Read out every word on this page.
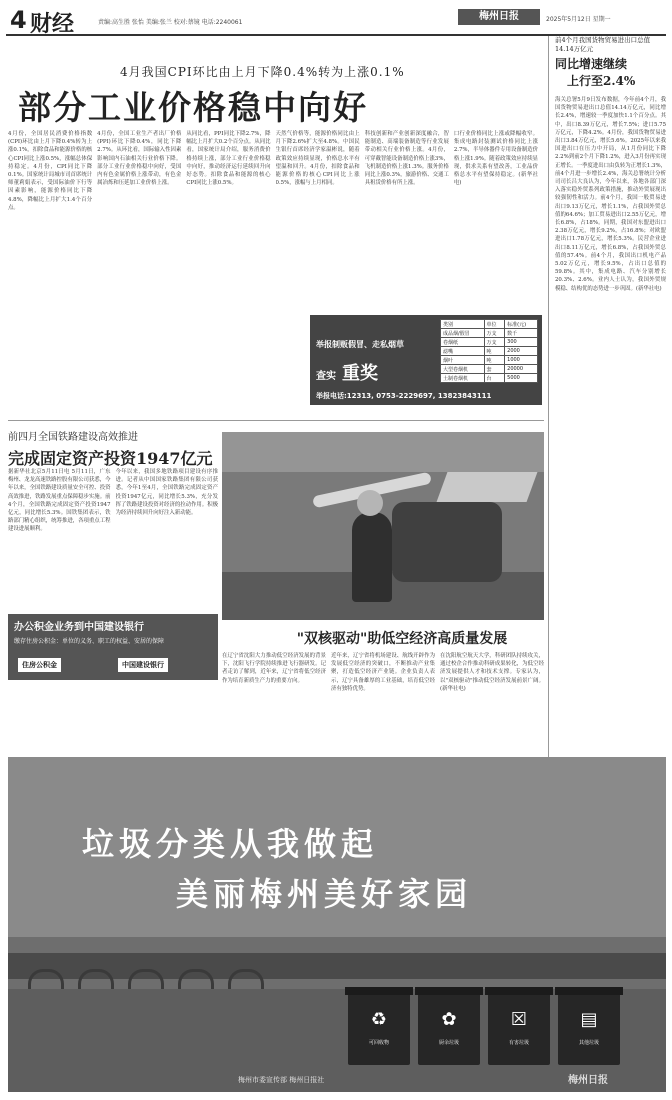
4 财经	责编:高生胜 张怡 美编:张兰 校对:蔡镜 电话:2240061
梅州日报	2025年5月12日 星期一
4月我国CPI环比由上月下降0.4%转为上涨0.1%
部分工业价格稳中向好
4月份，全国居民消费价格指数(CPI)环比由上月下降0.4%转为上涨0.1%，扣除食品和能源价格的核心CPI同比上涨0.5%，涨幅总体保持稳定。4月份，CPI同比下降0.1%。国家统计局城市司首席统计师董莉娟表示，受国际油价下行等因素影响，能源价格同比下降4.8%，降幅比上月扩大1.4个百分点。
4月份，全国工业生产者出厂价格(PPI)环比下降0.4%，同比下降2.7%。从环比看，国际输入性因素影响国内石油相关行业价格下降。部分工业行业价格稳中向好，受国内有色金属价格上涨带动，有色金属冶炼和压延加工业价格上涨。
从同比看，PPI同比下降2.7%，降幅比上月扩大0.2个百分点。从同比看，国家统计局介绍，服务消费价格持续上涨，部分工业行业价格稳中向好，推动经济运行延续回升向好态势。扣除食品和能源的核心CPI同比上涨0.5%。
天然气价格等，能源价格同比由上月下降2.6%扩大至4.8%。中国民生银行首席经济学家温彬说，随着政策效应持续显现，价格总水平有望温和回升。4月份，扣除食品和能源价格的核心CPI同比上涨0.5%，涨幅与上月相同。
科技创新和产业创新深度融合，智能制造、高端装备制造等行业发展带动相关行业价格上涨。4月份，可穿戴智能设备制造价格上涨3%，飞机制造价格上涨1.3%。服务价格同比上涨0.3%，旅游价格、交通工具租赁价格有所上涨。
口行业价格同比上涨或降幅收窄。集成电路封装测试价格同比上涨2.7%，半导体器件专用设备制造价格上涨1.9%。随着政策效应持续显现，供求关系有望改善，工业品价格总水平有望保持稳定。(新华社电)
前4个月我国货物贸易进出口总值14.14万亿元
同比增速继续
上行至2.4%
海关总署5月9日发布数据，今年前4个月，我国货物贸易进出口总值14.14万亿元，同比增长2.4%，增速较一季度加快1.1个百分点。其中，出口8.39万亿元，增长7.5%；进口5.75万亿元，下降4.2%。4月份，我国货物贸易进出口3.84万亿元，增长5.6%。2025年以来我国进出口在压力中开局，从1月份同比下降2.2%到前2个月下降1.2%，进入3月份再实现正增长。一季度进出口由负转为正增长1.3%，前4个月进一步增长2.4%，海关总署统计分析司司长吕大良认为，今年以来，各地各部门深入落实稳外贸系列政策措施，推动外贸展现出较强韧性和活力。前4个月，我国一般贸易进出口9.13万亿元，增长1.1%，占我国外贸总值的64.6%；加工贸易进出口2.55万亿元，增长6.8%，占18%。同期，我国对东盟进出口2.38万亿元，增长9.2%，占16.8%；对欧盟进出口1.78万亿元，增长5.3%。民营企业进出口8.11万亿元，增长6.8%，占我国外贸总值的57.4%。前4个月，我国出口机电产品5.02万亿元，增长9.5%，占出口总值的59.8%。其中，集成电路、汽车分别增长20.3%、2.6%。业内人士认为，我国外贸规模稳、结构优的态势进一步巩固。(新华社电)
举报制贩假冒、走私烟草
查实 重奖
举报电话:12313, 0753-2229697, 13823843111
类别	单位	标准(元)
成品烟/假冒	万支	数千
卷烟纸	万支	300
滤嘴	吨	2000
烟叶	吨	1000
大型卷烟机	套	20000
土制卷烟机	台	5000
前四月全国铁路建设高效推进
完成固定资产投资1947亿元
据新华社北京5月11日电 5月11日，广东梅州、龙龙高速铁路控股有限公司获悉，今年以来，全国铁路建设质量安全可控、投资高效推进，铁路发展重点保障稳步实施。前4个月，全国铁路完成固定资产投资1947亿元，同比增长5.3%。国铁集团表示，铁路部门精心组织，统筹推进，各项重点工程建设进展顺利。
今年以来，我国多地铁路项目建设有序推进。记者从中国国家铁路集团有限公司获悉，今年1至4月，全国铁路完成固定资产投资1947亿元，同比增长5.3%，充分发挥了铁路建设投资对经济的拉动作用。积极为经济持续回升向好注入新动能。
办公积金业务到中国建设银行
缴存住房公积金：单位的义务、职工的权益、安居的保障
住房公积金	中国建设银行
"双核驱动"助低空经济高质量发展
在辽宁省沈阳大力推动低空经济发展的背景下，沈阳飞行学院持续推进飞行器研发。记者走访了解到，近年来，辽宁省将低空经济作为培育新质生产力的重要方向。
近年来，辽宁省将机场建设、航线开辟作为发展低空经济的突破口，不断推动产业集聚，打造低空经济产业链。企业负责人表示，辽宁具备雄厚的工业基础，培育低空经济有独特优势。
在沈阳航空航天大学，科研团队持续攻关，通过校企合作推动科研成果转化，为低空经济发展提供人才和技术支撑。专家认为，以"双核驱动"推动低空经济发展前景广阔。(新华社电)
垃圾分类从我做起
美丽梅州美好家园
♻
可回收物
✿
厨余垃圾
☒
有害垃圾
▤
其他垃圾
梅州市委宣传部 梅州日报社	梅州日报
